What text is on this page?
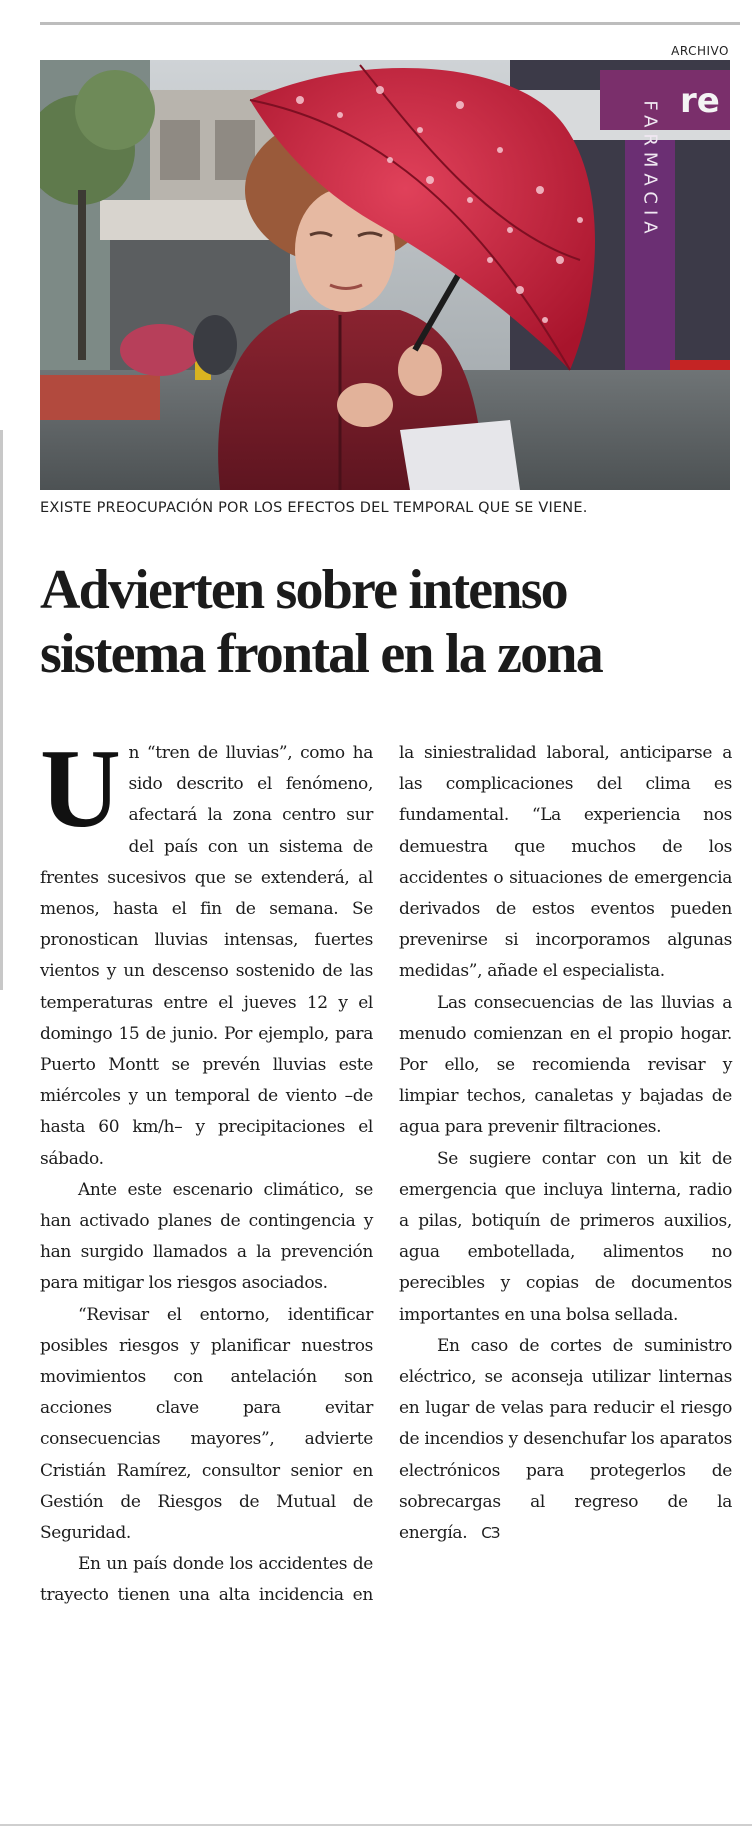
ARCHIVO
re
FARMACIA
EXISTE PREOCUPACIÓN POR LOS EFECTOS DEL TEMPORAL QUE SE VIENE.
Advierten sobre intenso sistema frontal en la zona

Un “tren de lluvias”, como ha sido descrito el fenómeno, afectará la zona centro sur del país con un sistema de frentes sucesivos que se extenderá, al menos, hasta el fin de semana. Se pronostican lluvias intensas, fuertes vientos y un descenso sostenido de las temperaturas entre el jueves 12 y el domingo 15 de junio. Por ejemplo, para Puerto Montt se prevén lluvias este miércoles y un temporal de viento –de hasta 60 km/h– y precipitaciones el sábado.

Ante este escenario climático, se han activado planes de contingencia y han surgido llamados a la prevención para mitigar los riesgos asociados.

“Revisar el entorno, identificar posibles riesgos y planificar nuestros movimientos con antelación son acciones clave para evitar consecuencias mayores”, advierte Cristián Ramírez, consultor senior en Gestión de Riesgos de Mutual de Seguridad.

En un país donde los accidentes de trayecto tienen una alta incidencia en la siniestralidad laboral, anticiparse a las complicaciones del clima es fundamental. “La experiencia nos demuestra que muchos de los accidentes o situaciones de emergencia derivados de estos eventos pueden prevenirse si incorporamos algunas medidas”, añade el especialista.

Las consecuencias de las lluvias a menudo comienzan en el propio hogar. Por ello, se recomienda revisar y limpiar techos, canaletas y bajadas de agua para prevenir filtraciones.

Se sugiere contar con un kit de emergencia que incluya linterna, radio a pilas, botiquín de primeros auxilios, agua embotellada, alimentos no perecibles y copias de documentos importantes en una bolsa sellada.

En caso de cortes de suministro eléctrico, se aconseja utilizar linternas en lugar de velas para reducir el riesgo de incendios y desenchufar los aparatos electrónicos para protegerlos de sobrecargas al regreso de la energía. CЗ
